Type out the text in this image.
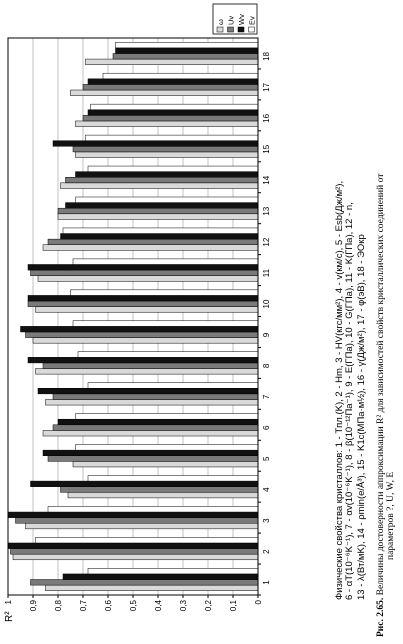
0
0,1
0,2
0,3
0,4
0,5
0,6
0,7
0,8
0,9
1
1
2
3
4
5
6
7
8
9
10
11
12
13
14
15
16
17
18
ω Uv Wv Ev
R²
Физические свойства кристаллов: 1 - Tпл.(K), 2 - Hm, 3 - HV(кгс/мм²), 4 - v(км/с), 5 - Esb(Дж/м²), 6 - αT(10⁻⁶K⁻¹), 7 - αv(10⁻⁶K⁻¹), 8 - β(10⁻¹²Па⁻¹), 9 - E(ГПа), 10 - G(ГПа), 11 - K(ГПа), 12 - n, 13 - λ(Вт/мK), 14 - ρmin(e/Å³), 15 - K1c(МПа·м½), 16 - γ(Дж/м²), 17 - φ(эВ), 18 - ЭОкр
Рис. 2.65. Величины достоверности аппроксимации R² для зависимостей свойств кристаллических соединений от параметров ?, U, W, E
